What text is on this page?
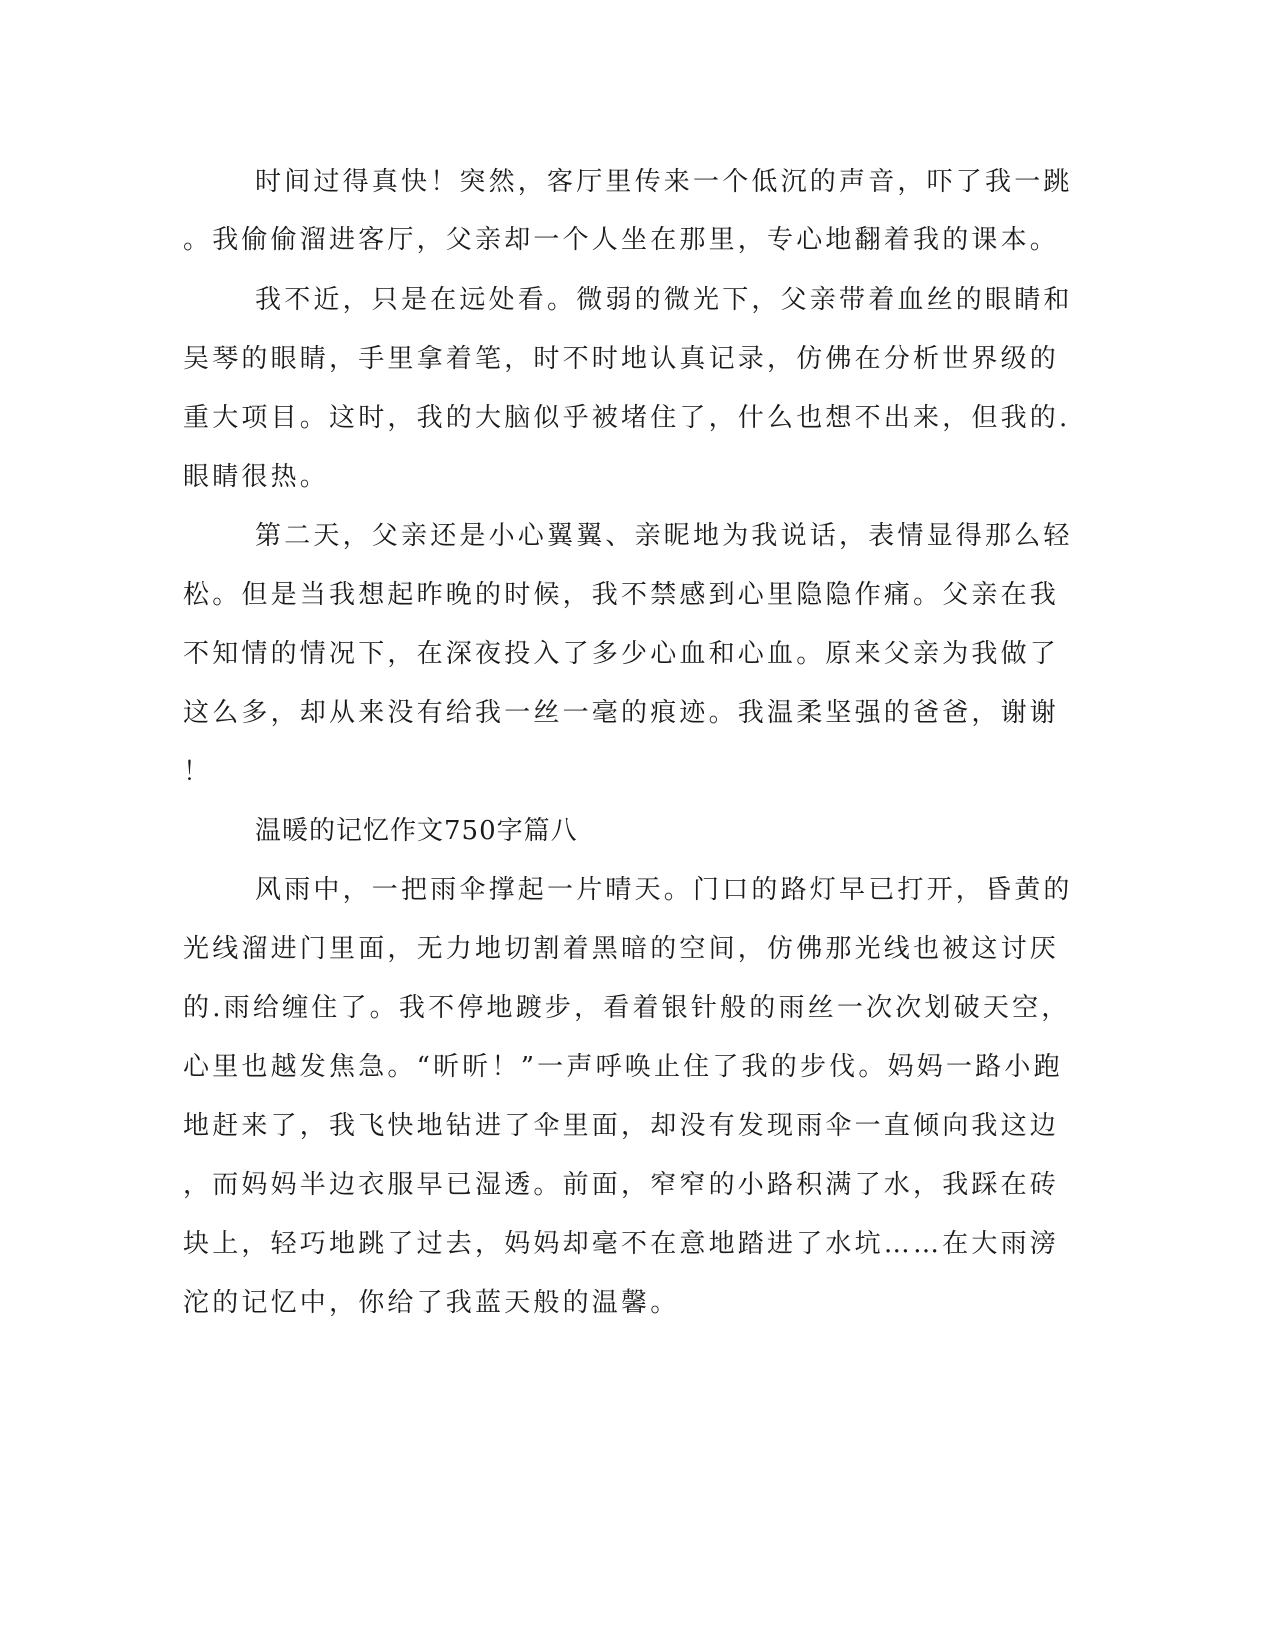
时间过得真快！突然，客厅里传来一个低沉的声音，吓了我一跳
。我偷偷溜进客厅，父亲却一个人坐在那里，专心地翻着我的课本。
我不近，只是在远处看。微弱的微光下，父亲带着血丝的眼睛和
吴琴的眼睛，手里拿着笔，时不时地认真记录，仿佛在分析世界级的
重大项目。这时，我的大脑似乎被堵住了，什么也想不出来，但我的.
眼睛很热。
第二天，父亲还是小心翼翼、亲昵地为我说话，表情显得那么轻
松。但是当我想起昨晚的时候，我不禁感到心里隐隐作痛。父亲在我
不知情的情况下，在深夜投入了多少心血和心血。原来父亲为我做了
这么多，却从来没有给我一丝一毫的痕迹。我温柔坚强的爸爸，谢谢
！
温暖的记忆作文750字篇八
风雨中，一把雨伞撑起一片晴天。门口的路灯早已打开，昏黄的
光线溜进门里面，无力地切割着黑暗的空间，仿佛那光线也被这讨厌
的.雨给缠住了。我不停地踱步，看着银针般的雨丝一次次划破天空，
心里也越发焦急。“昕昕！”一声呼唤止住了我的步伐。妈妈一路小跑
地赶来了，我飞快地钻进了伞里面，却没有发现雨伞一直倾向我这边
，而妈妈半边衣服早已湿透。前面，窄窄的小路积满了水，我踩在砖
块上，轻巧地跳了过去，妈妈却毫不在意地踏进了水坑……在大雨滂
沱的记忆中，你给了我蓝天般的温馨。
